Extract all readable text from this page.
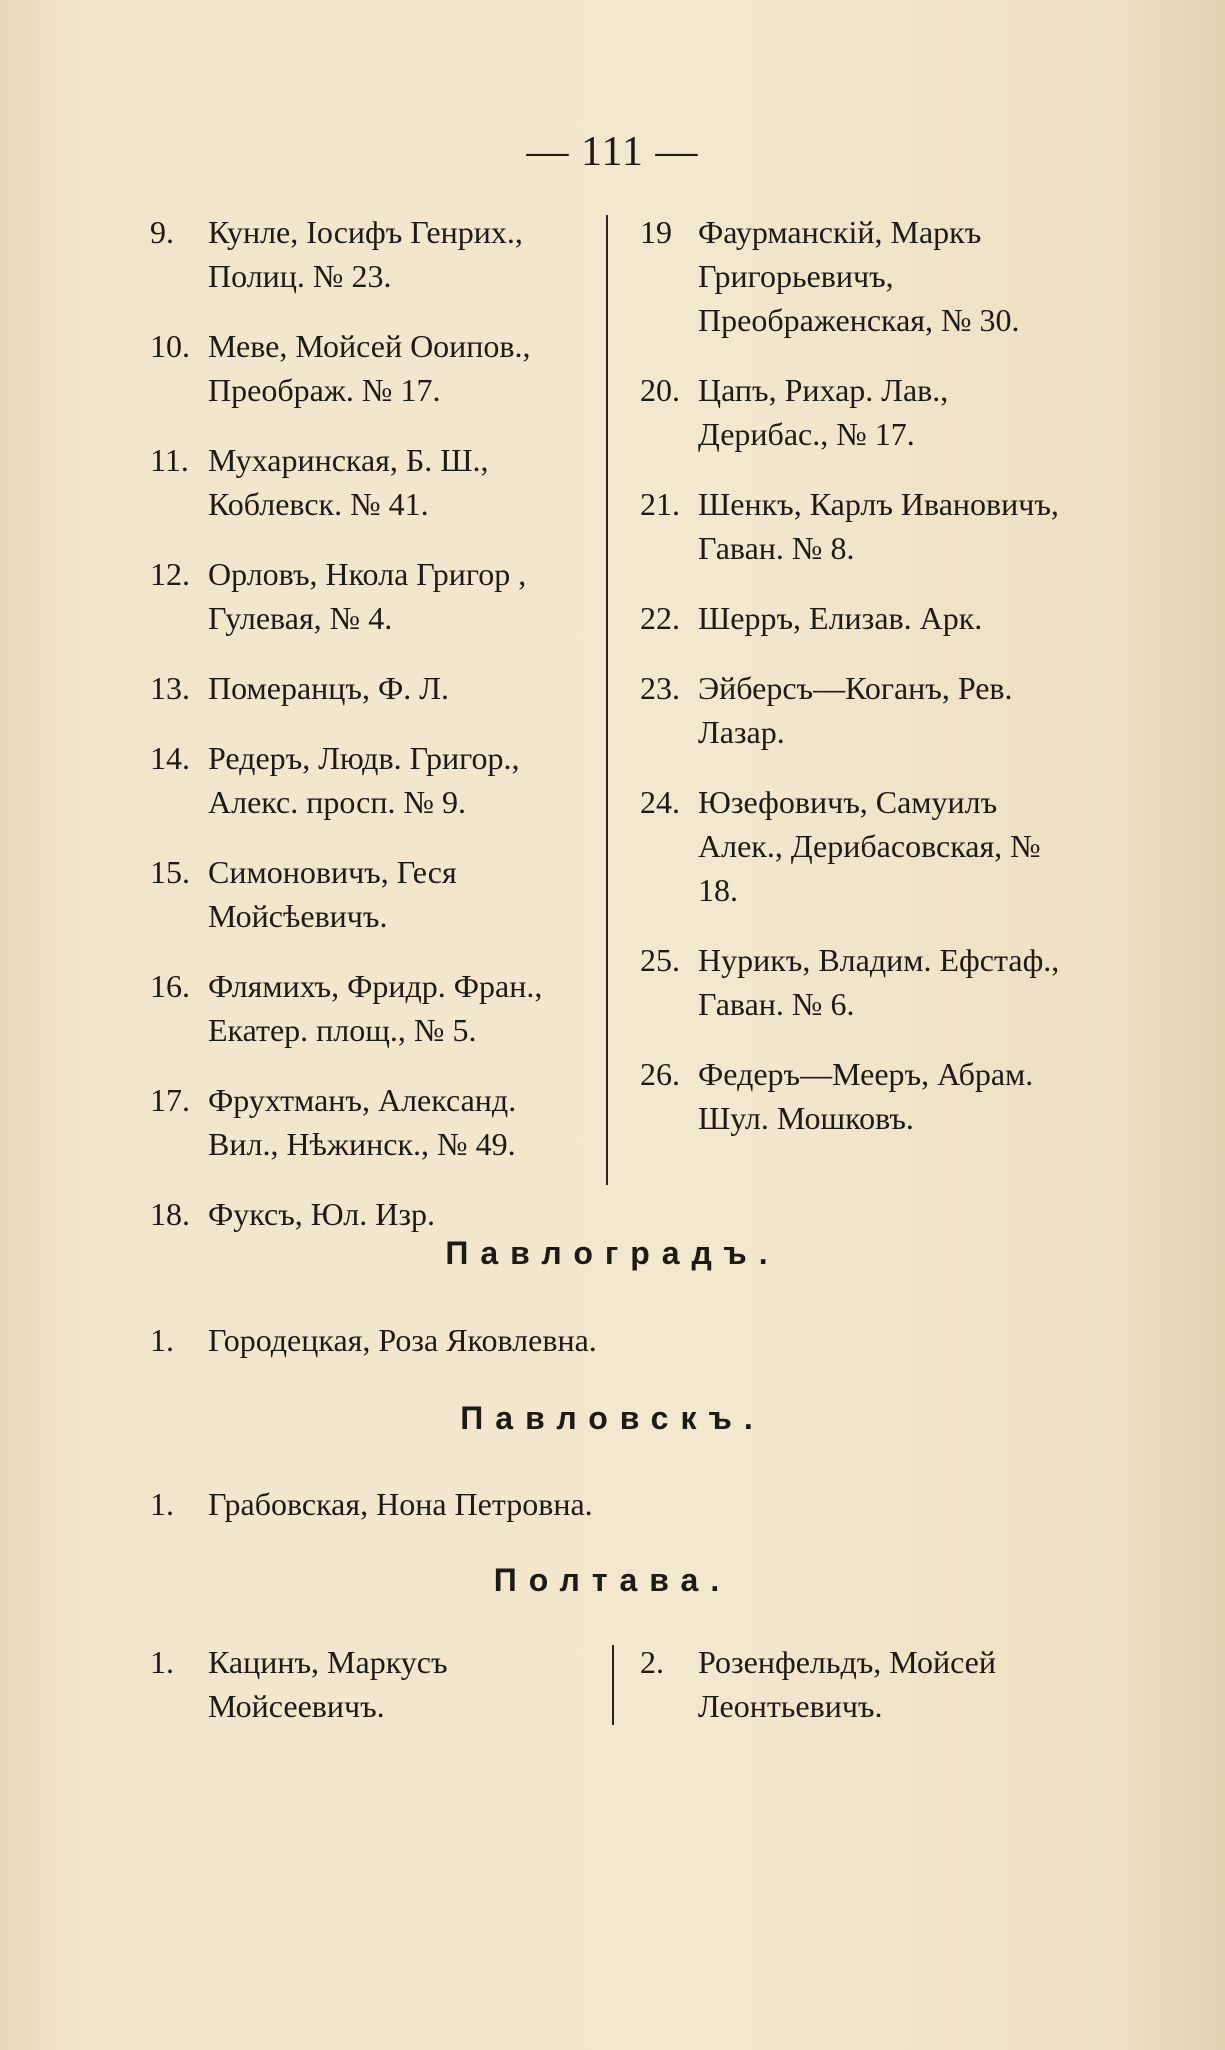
— 111 —
9.	Кунле, Іосифъ Генрих., Полиц. № 23.
10. Меве, Мойсей Ооипов., Преображ. № 17.
11. Мухаринская, Б. Ш., Коблевск. № 41.
12. Орловъ, Нкола Григор , Гулевая, № 4.
13. Померанцъ, Ф. Л.
14. Редеръ, Людв. Григор., Алекс. просп. № 9.
15. Симоновичъ, Геся Мойсѣевичъ.
16. Флямихъ, Фридр. Фран., Екатер. площ., № 5.
17. Фрухтманъ, Александ. Вил., Нѣжинск., № 49.
18. Фуксъ, Юл. Изр.
19 Фаурманскій, Маркъ Григорьевичъ, Преображенская, № 30.
20. Цапъ, Рихар. Лав., Дерибас., № 17.
21. Шенкъ, Карлъ Ивановичъ, Гаван. № 8.
22. Шерръ, Елизав. Арк.
23. Эйберсъ—Коганъ, Рев. Лазар.
24. Юзефовичъ, Самуилъ Алек., Дерибасовская, № 18.
25. Нурикъ, Владим. Ефстаф., Гаван. № 6.
26. Федеръ—Мееръ, Абрам. Шул. Мошковъ.
Павлоградъ.
1. Городецкая, Роза Яковлевна.
Павловскъ.
1. Грабовская, Нона Петровна.
Полтава.
1.	Кацинъ, Маркусъ Мойсеевичъ.
2.	Розенфельдъ, Мойсей Леонтьевичъ.
